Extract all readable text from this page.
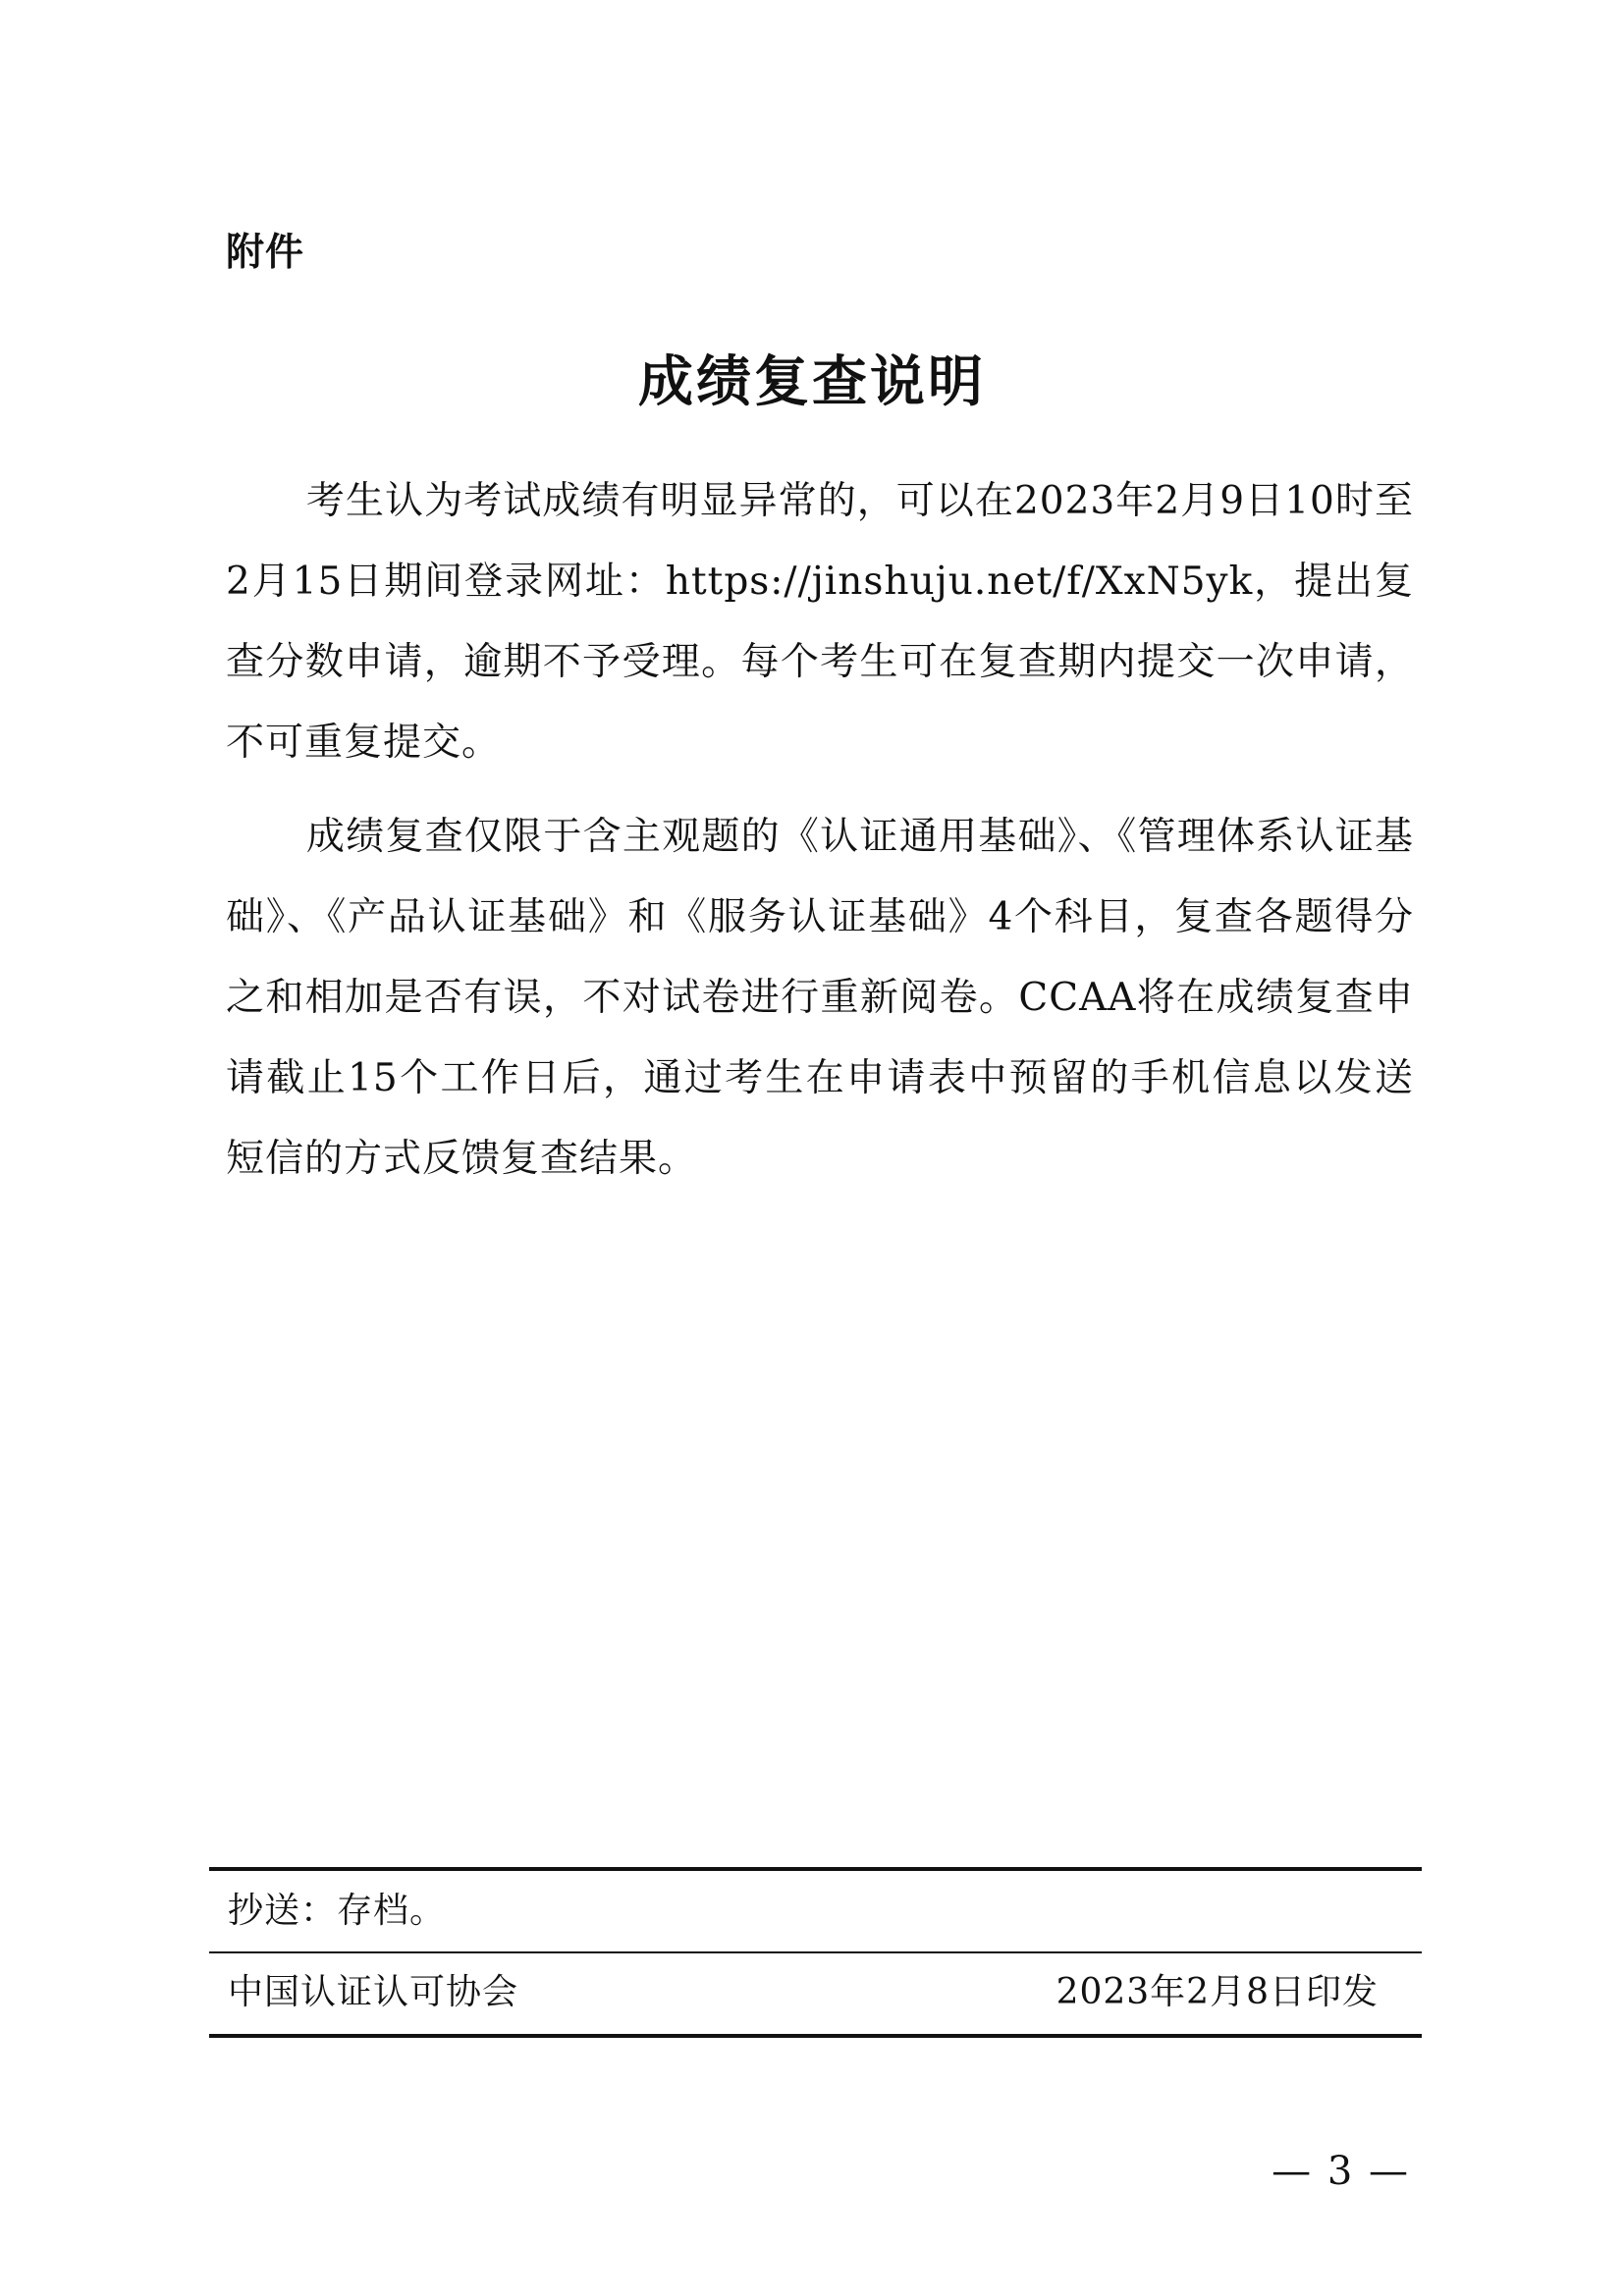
附件
成绩复查说明

考生认为考试成绩有明显异常的，可以在2023年2月9日10时至2月15日期间登录网址：https://jinshuju.net/f/XxN5yk，提出复查分数申请，逾期不予受理。每个考生可在复查期内提交一次申请，不可重复提交。

成绩复查仅限于含主观题的《认证通用基础》、《管理体系认证基础》、《产品认证基础》和《服务认证基础》4个科目，复查各题得分之和相加是否有误，不对试卷进行重新阅卷。CCAA将在成绩复查申请截止15个工作日后，通过考生在申请表中预留的手机信息以发送短信的方式反馈复查结果。

抄送：存档。
中国认证认可协会	2023年2月8日印发
— 3 —
